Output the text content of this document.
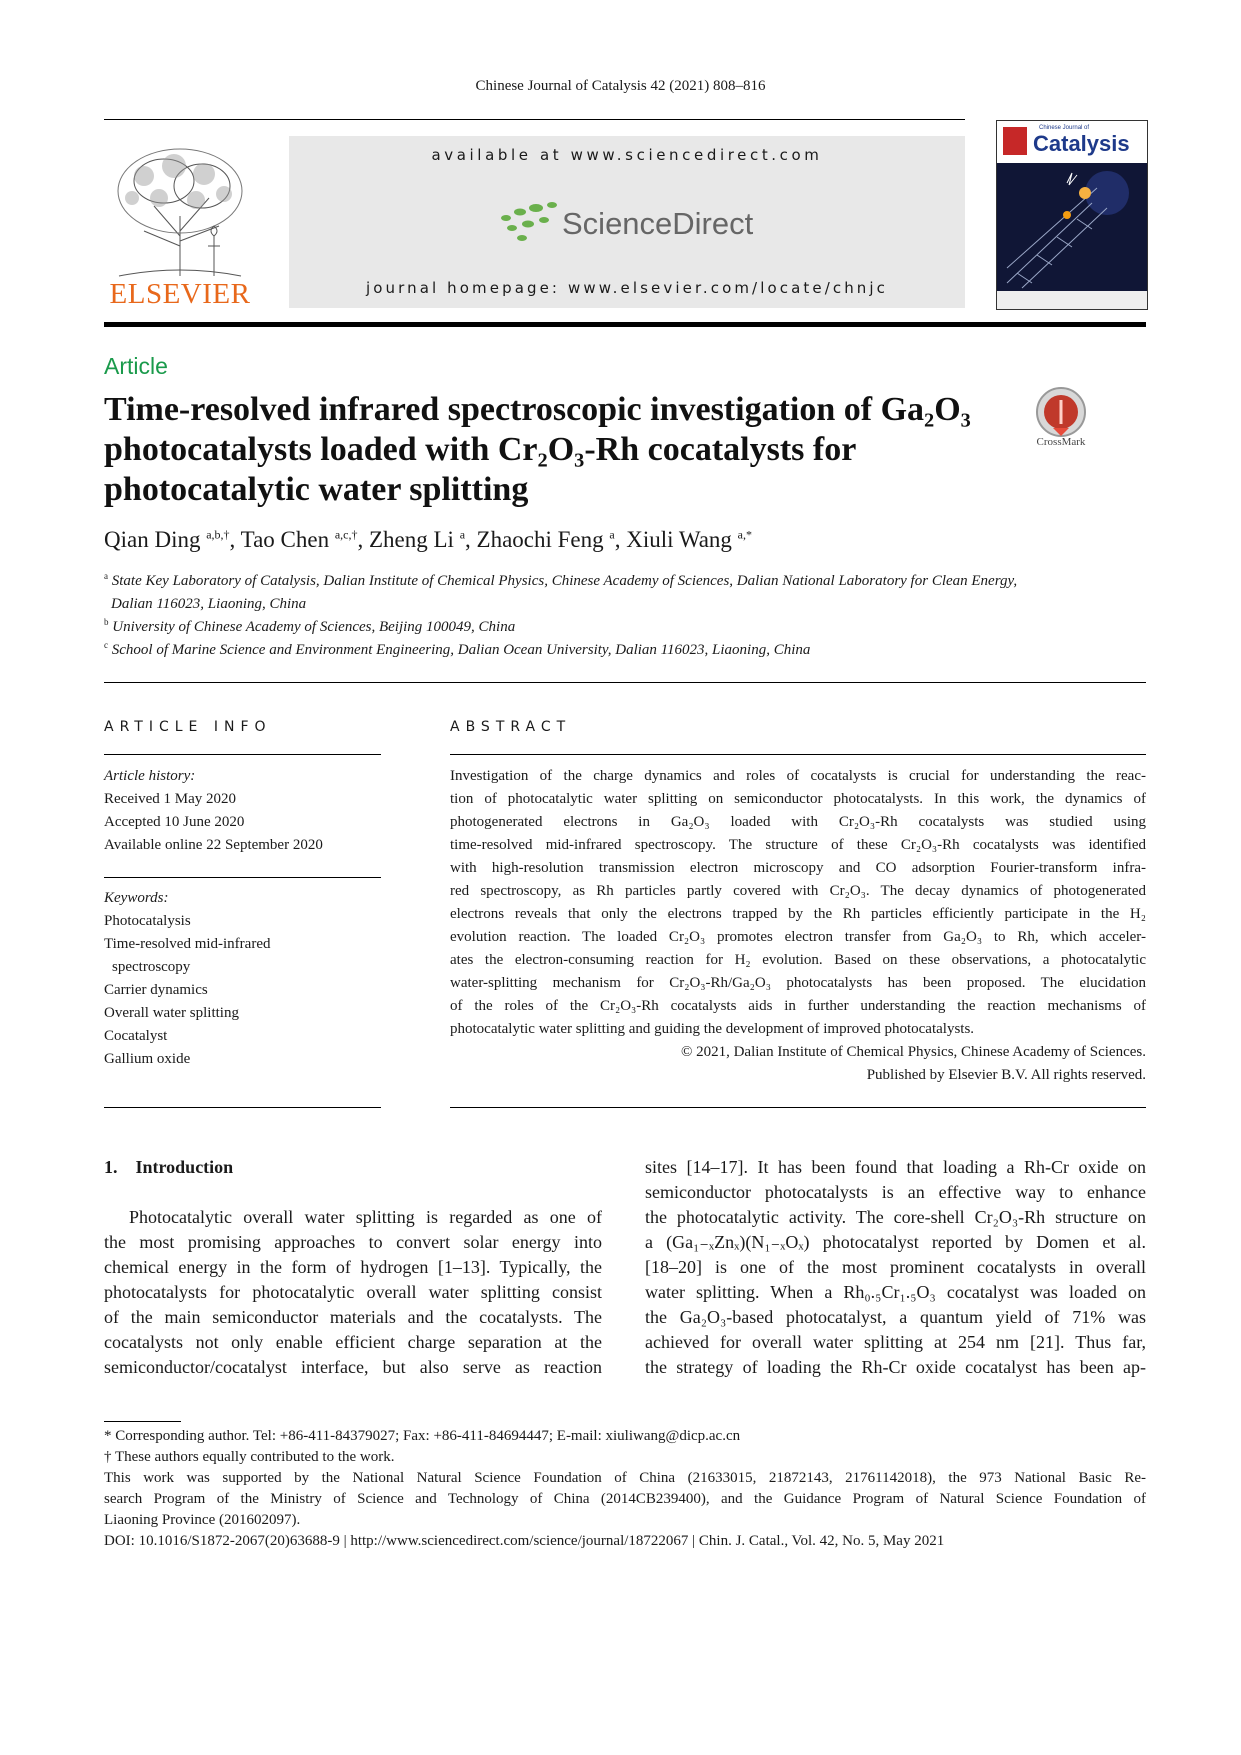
Chinese Journal of Catalysis 42 (2021) 808–816
ELSEVIER
available at www.sciencedirect.com
ScienceDirect
journal homepage: www.elsevier.com/locate/chnjc
Chinese Journal of
Catalysis
Article
Time-resolved infrared spectroscopic investigation of Ga₂O₃
photocatalysts loaded with Cr₂O₃-Rh cocatalysts for
photocatalytic water splitting
CrossMark
Qian Ding $^{a,b,\dagger}$, Tao Chen $^{a,c,\dagger}$, Zheng Li $^a$, Zhaochi Feng $^a$, Xiuli Wang $^{a,*}$
$^a$ State Key Laboratory of Catalysis, Dalian Institute of Chemical Physics, Chinese Academy of Sciences, Dalian National Laboratory for Clean Energy,
Dalian 116023, Liaoning, China
$^b$ University of Chinese Academy of Sciences, Beijing 100049, China
$^c$ School of Marine Science and Environment Engineering, Dalian Ocean University, Dalian 116023, Liaoning, China
ARTICLE INFO
Article history:
Received 1 May 2020
Accepted 10 June 2020
Available online 22 September 2020
Keywords:
Photocatalysis
Time-resolved mid-infrared
spectroscopy
Carrier dynamics
Overall water splitting
Cocatalyst
Gallium oxide
ABSTRACT
Investigation of the charge dynamics and roles of cocatalysts is crucial for understanding the reac-
tion of photocatalytic water splitting on semiconductor photocatalysts. In this work, the dynamics of
photogenerated electrons in Ga₂O₃ loaded with Cr₂O₃-Rh cocatalysts was studied using
time-resolved mid-infrared spectroscopy. The structure of these Cr₂O₃-Rh cocatalysts was identified
with high-resolution transmission electron microscopy and CO adsorption Fourier-transform infra-
red spectroscopy, as Rh particles partly covered with Cr₂O₃. The decay dynamics of photogenerated
electrons reveals that only the electrons trapped by the Rh particles efficiently participate in the H₂
evolution reaction. The loaded Cr₂O₃ promotes electron transfer from Ga₂O₃ to Rh, which acceler-
ates the electron-consuming reaction for H₂ evolution. Based on these observations, a photocatalytic
water-splitting mechanism for Cr₂O₃-Rh/Ga₂O₃ photocatalysts has been proposed. The elucidation
of the roles of the Cr₂O₃-Rh cocatalysts aids in further understanding the reaction mechanisms of
photocatalytic water splitting and guiding the development of improved photocatalysts.
© 2021, Dalian Institute of Chemical Physics, Chinese Academy of Sciences.
Published by Elsevier B.V. All rights reserved.
1. Introduction
Photocatalytic overall water splitting is regarded as one of
the most promising approaches to convert solar energy into
chemical energy in the form of hydrogen [1–13]. Typically, the
photocatalysts for photocatalytic overall water splitting consist
of the main semiconductor materials and the cocatalysts. The
cocatalysts not only enable efficient charge separation at the
semiconductor/cocatalyst interface, but also serve as reaction
sites [14–17]. It has been found that loading a Rh-Cr oxide on
semiconductor photocatalysts is an effective way to enhance
the photocatalytic activity. The core-shell Cr₂O₃-Rh structure on
a (Ga₁₋ₓZnₓ)(N₁₋ₓOₓ) photocatalyst reported by Domen et al.
[18–20] is one of the most prominent cocatalysts in overall
water splitting. When a Rh₀.₅Cr₁.₅O₃ cocatalyst was loaded on
the Ga₂O₃-based photocatalyst, a quantum yield of 71% was
achieved for overall water splitting at 254 nm [21]. Thus far,
the strategy of loading the Rh-Cr oxide cocatalyst has been ap-
* Corresponding author. Tel: +86-411-84379027; Fax: +86-411-84694447; E-mail: xiuliwang@dicp.ac.cn
† These authors equally contributed to the work.
This work was supported by the National Natural Science Foundation of China (21633015, 21872143, 21761142018), the 973 National Basic Re-
search Program of the Ministry of Science and Technology of China (2014CB239400), and the Guidance Program of Natural Science Foundation of
Liaoning Province (201602097).
DOI: 10.1016/S1872-2067(20)63688-9 | http://www.sciencedirect.com/science/journal/18722067 | Chin. J. Catal., Vol. 42, No. 5, May 2021
